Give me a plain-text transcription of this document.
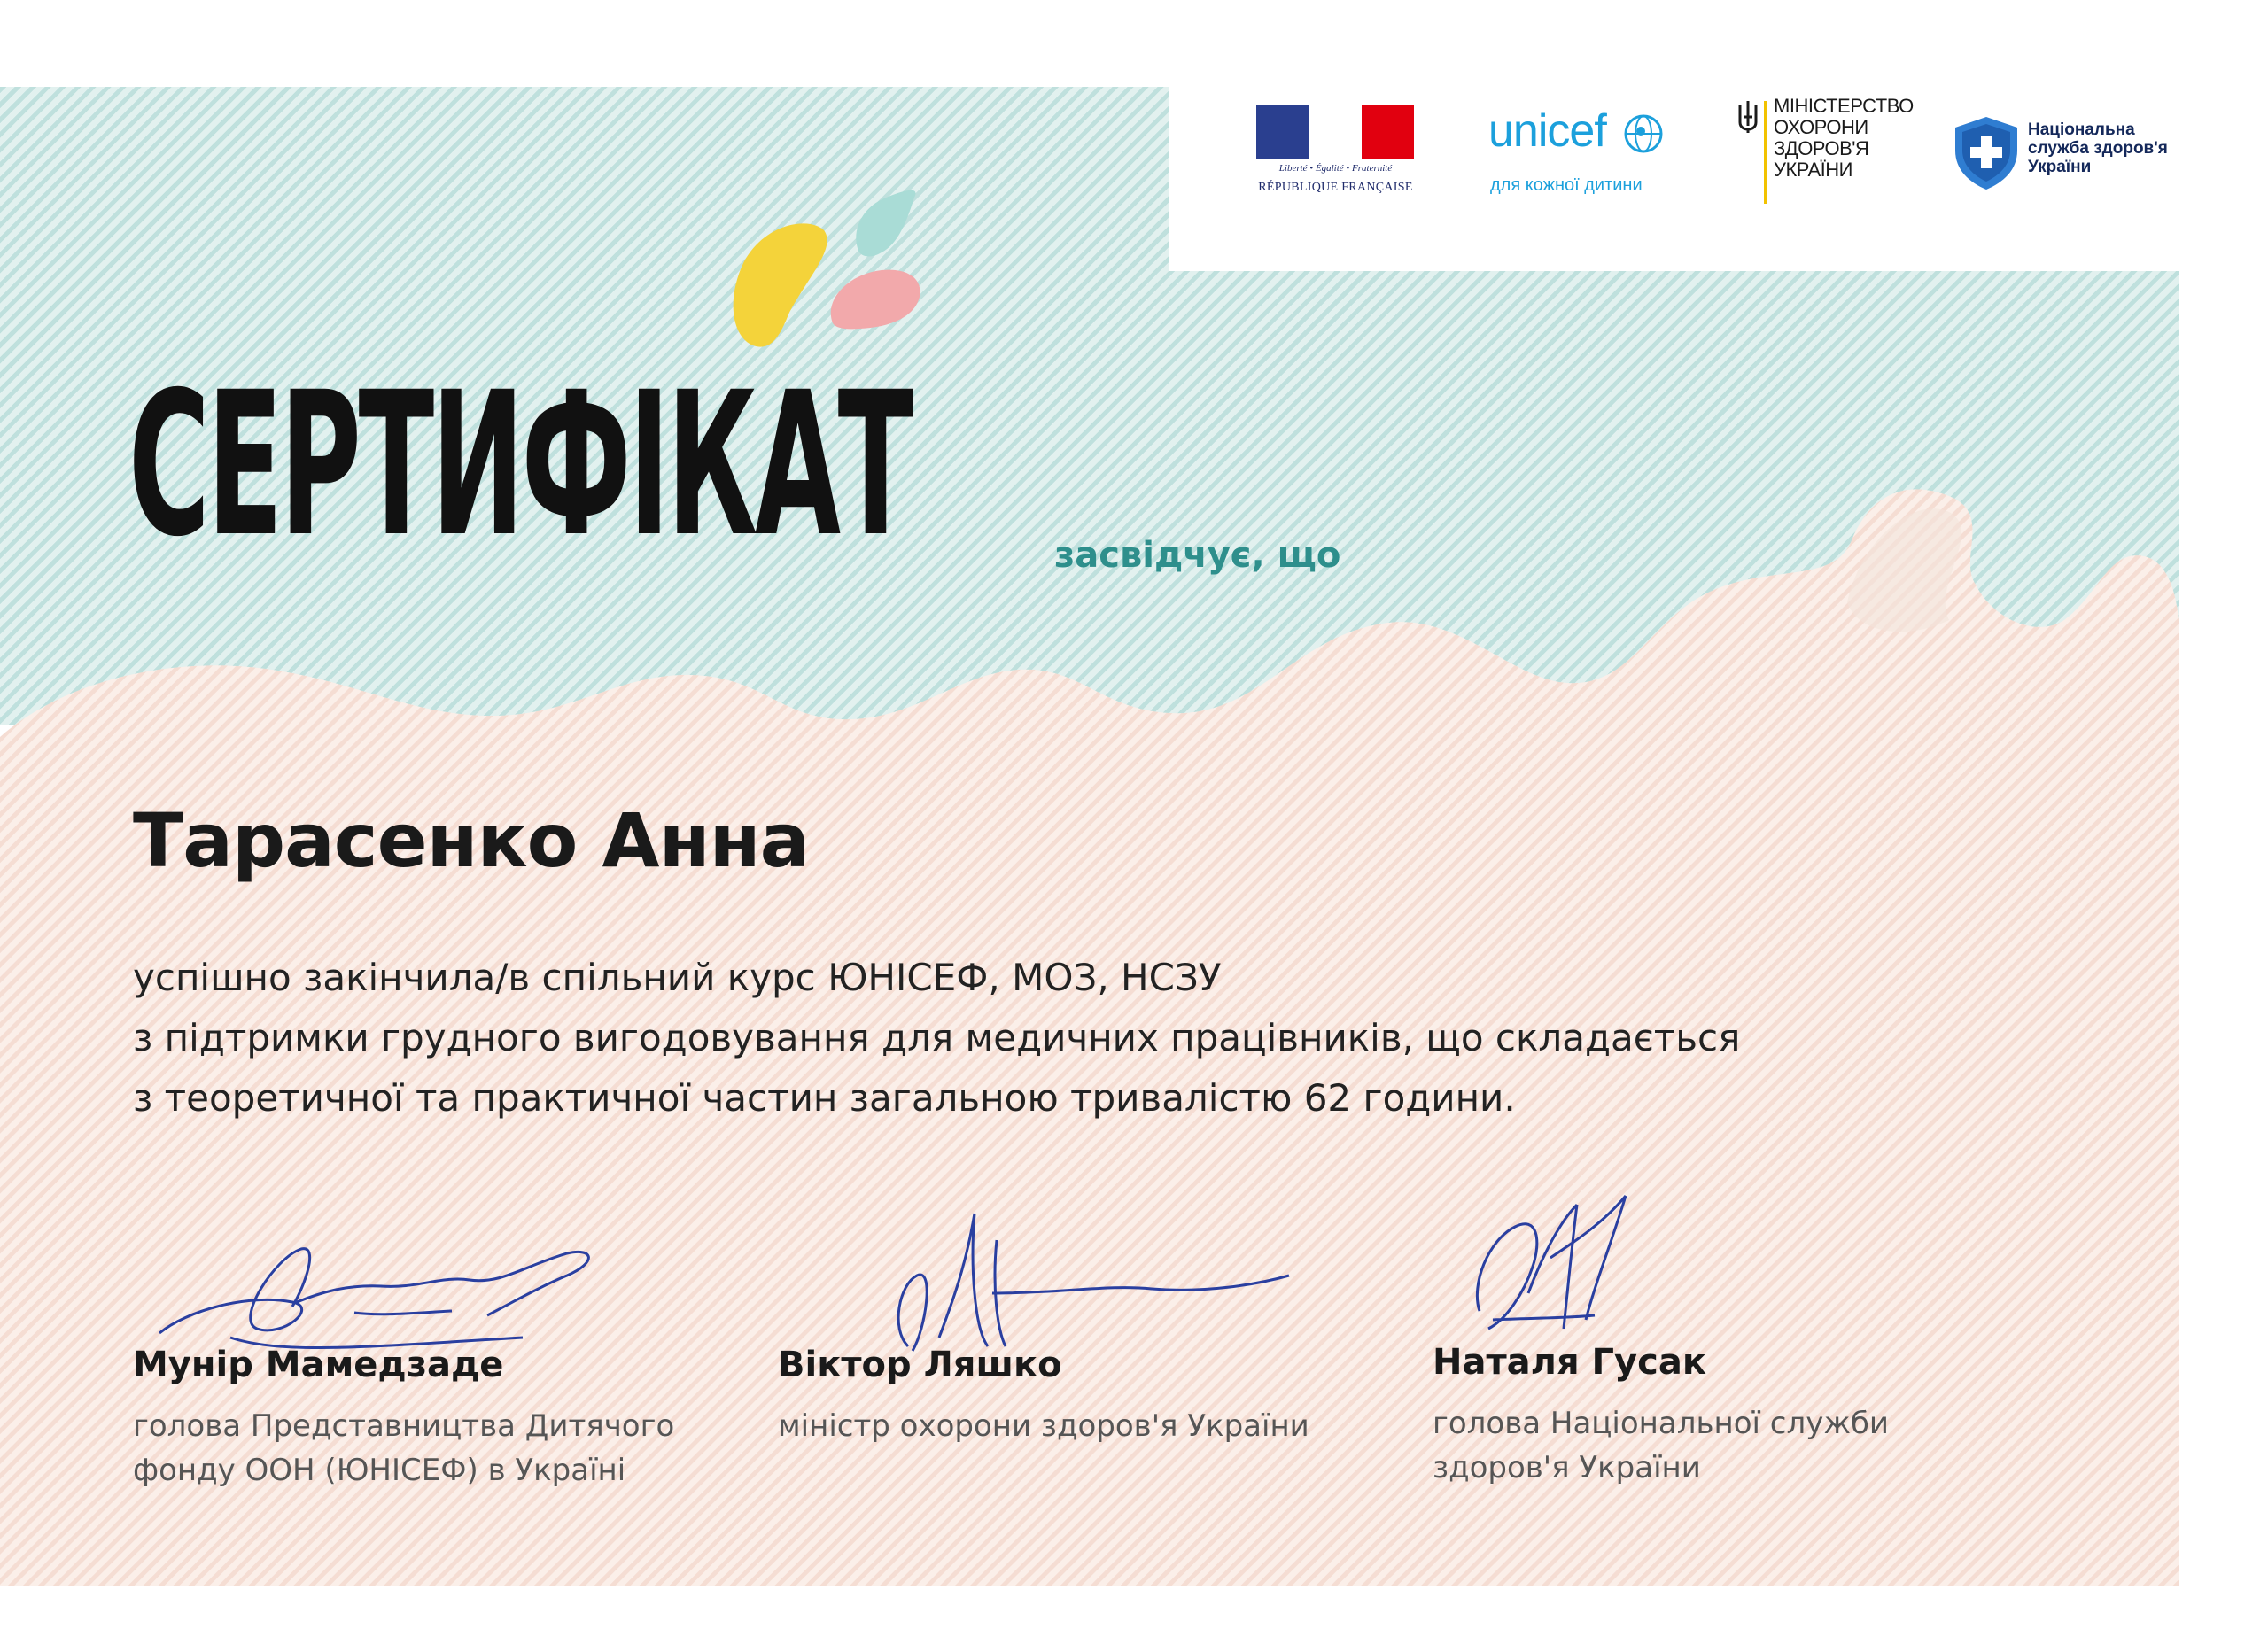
Liberté • Égalité • Fraternité
RÉPUBLIQUE FRANÇAISE
unicef
для кожної дитини
МІНІСТЕРСТВО
ОХОРОНИ
ЗДОРОВ'Я
УКРАЇНИ
Національна
служба здоров'я
України
СЕРТИФІКАТ	засвідчує, що
Тарасенко Анна
успішно закінчила/в спільний курс ЮНІСЕФ, МОЗ, НСЗУ
з підтримки грудного вигодовування для медичних працівників, що складається
з теоретичної та практичної частин загальною тривалістю 62 години.
Мунір Мамедзаде
голова Представництва Дитячого
фонду ООН (ЮНІСЕФ) в Україні
Віктор Ляшко
міністр охорони здоров'я України
Наталя Гусак
голова Національної служби
здоров'я України
